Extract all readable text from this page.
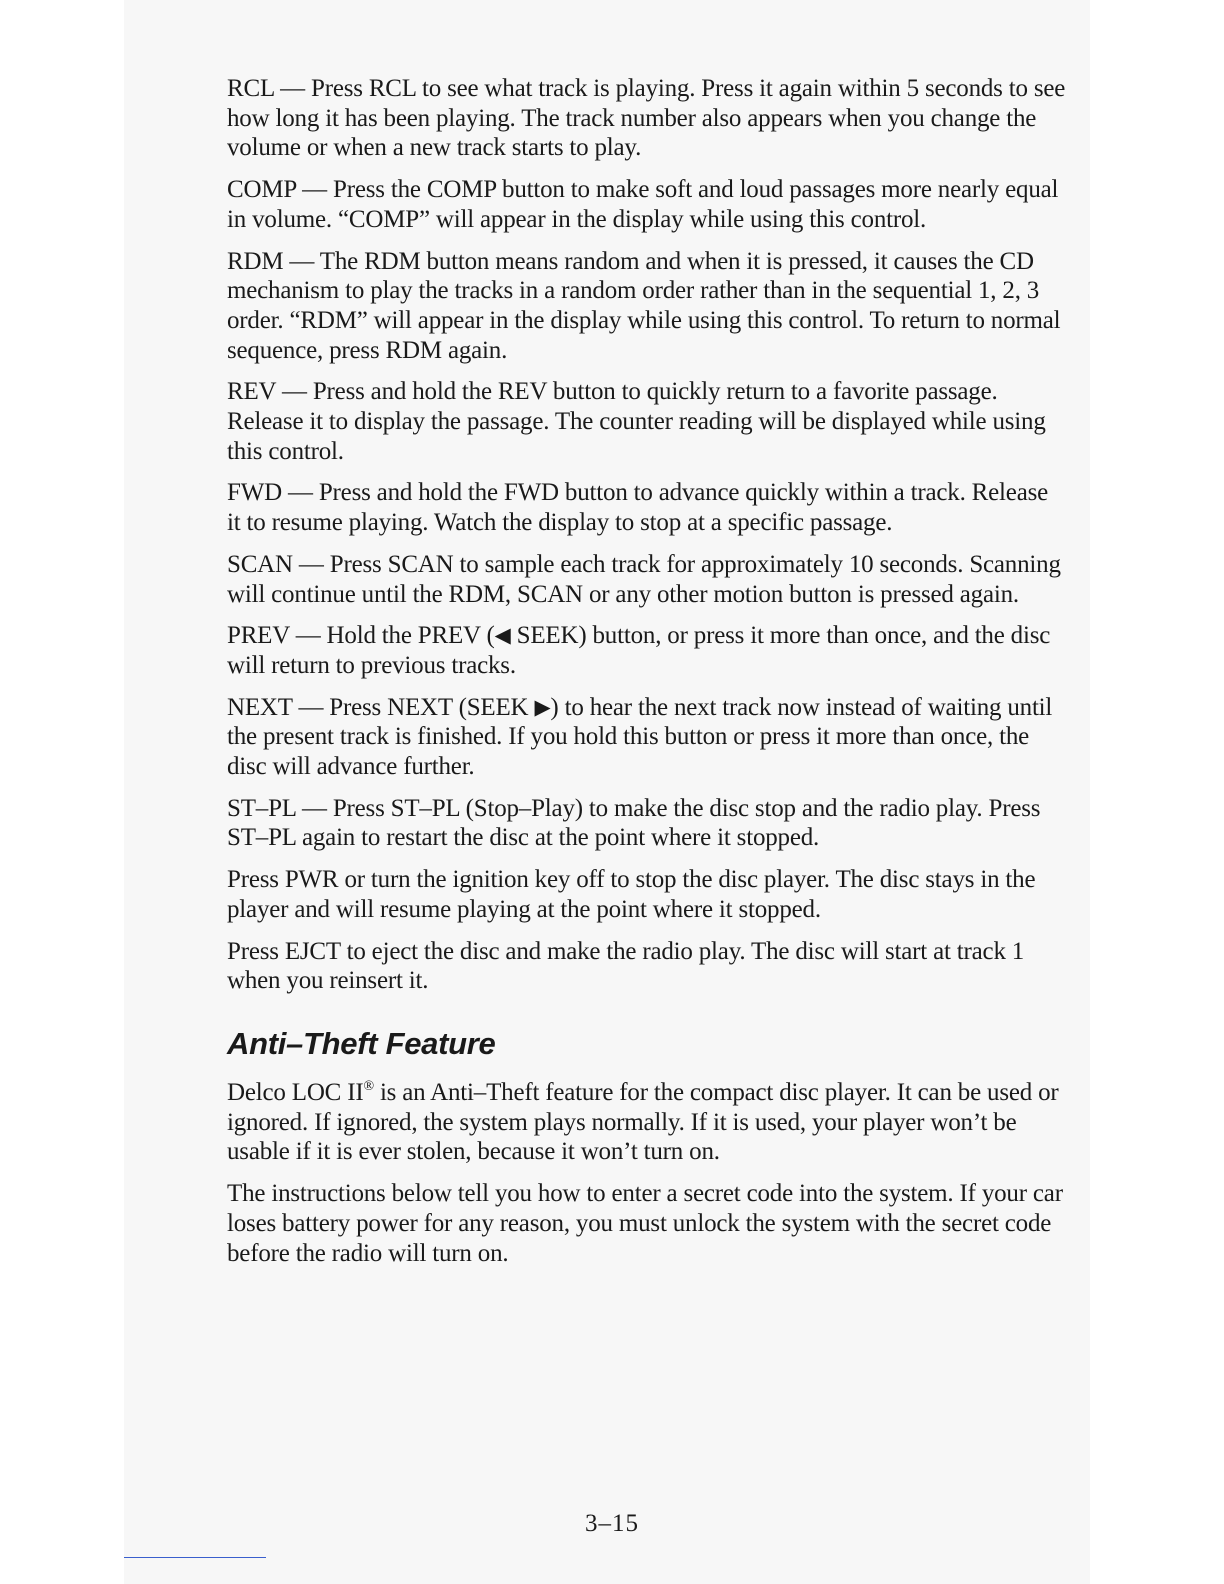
RCL — Press RCL to see what track is playing. Press it again within 5 seconds to see how long it has been playing. The track number also appears when you change the volume or when a new track starts to play.

COMP — Press the COMP button to make soft and loud passages more nearly equal in volume. “COMP” will appear in the display while using this control.

RDM — The RDM button means random and when it is pressed, it causes the CD mechanism to play the tracks in a random order rather than in the sequential 1, 2, 3 order. “RDM” will appear in the display while using this control. To return to normal sequence, press RDM again.

REV — Press and hold the REV button to quickly return to a favorite passage. Release it to display the passage. The counter reading will be displayed while using this control.

FWD — Press and hold the FWD button to advance quickly within a track. Release it to resume playing. Watch the display to stop at a specific passage.

SCAN — Press SCAN to sample each track for approximately 10 seconds. Scanning will continue until the RDM, SCAN or any other motion button is pressed again.

PREV — Hold the PREV (◀ SEEK) button, or press it more than once, and the disc will return to previous tracks.

NEXT — Press NEXT (SEEK ▶) to hear the next track now instead of waiting until the present track is finished. If you hold this button or press it more than once, the disc will advance further.

ST–PL — Press ST–PL (Stop–Play) to make the disc stop and the radio play. Press ST–PL again to restart the disc at the point where it stopped.

Press PWR or turn the ignition key off to stop the disc player. The disc stays in the player and will resume playing at the point where it stopped.

Press EJCT to eject the disc and make the radio play. The disc will start at track 1 when you reinsert it.

Anti–Theft Feature

Delco LOC II® is an Anti–Theft feature for the compact disc player. It can be used or ignored. If ignored, the system plays normally. If it is used, your player won’t be usable if it is ever stolen, because it won’t turn on.

The instructions below tell you how to enter a secret code into the system. If your car loses battery power for any reason, you must unlock the system with the secret code before the radio will turn on.

3–15
